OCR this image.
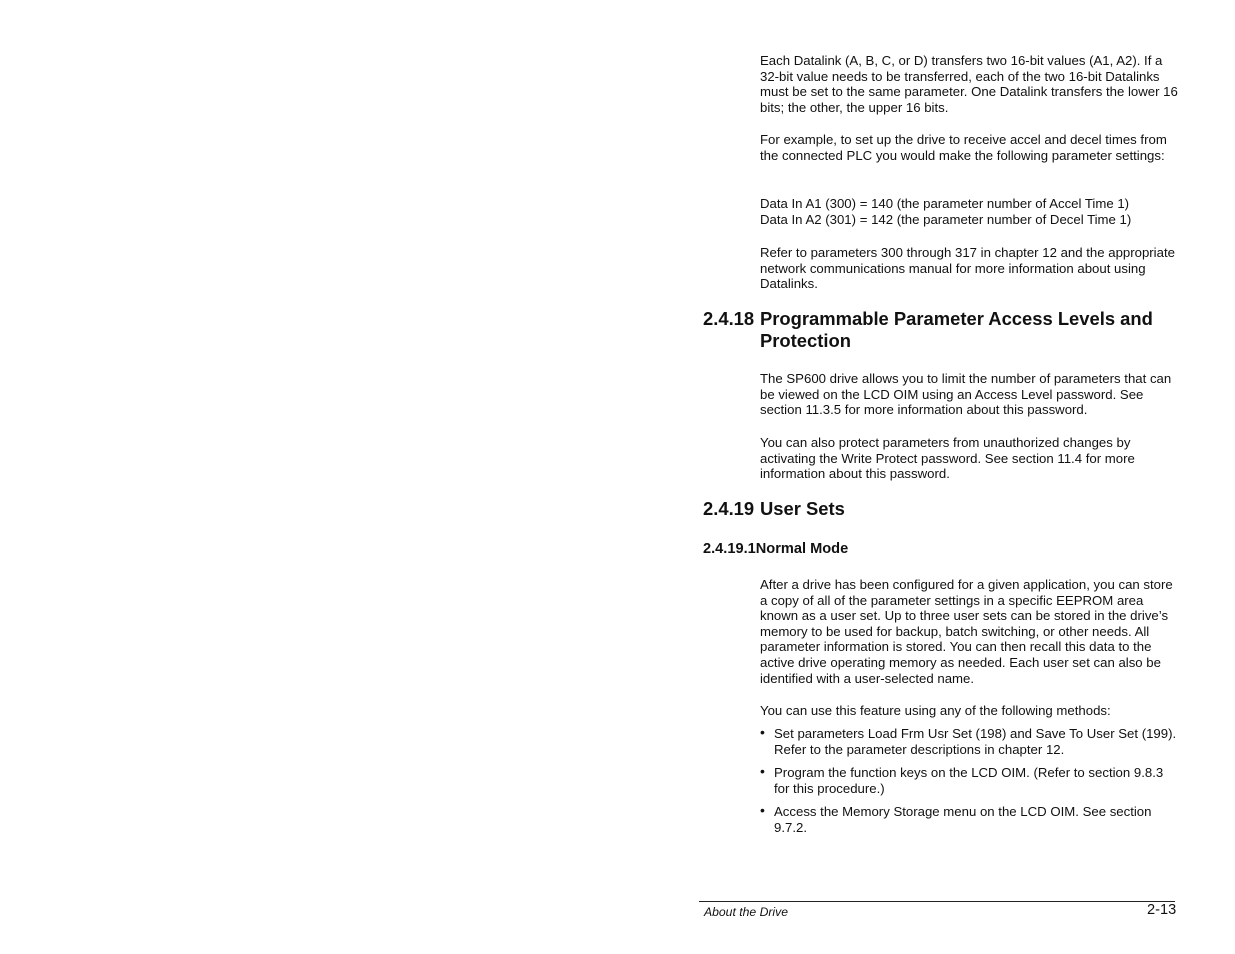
Each Datalink (A, B, C, or D) transfers two 16-bit values (A1, A2). If a 32-bit value needs to be transferred, each of the two 16-bit Datalinks must be set to the same parameter. One Datalink transfers the lower 16 bits; the other, the upper 16 bits.

For example, to set up the drive to receive accel and decel times from the connected PLC you would make the following parameter settings:

Data In A1 (300) = 140 (the parameter number of Accel Time 1)

Data In A2 (301) = 142 (the parameter number of Decel Time 1)

Refer to parameters 300 through 317 in chapter 12 and the appropriate network communications manual for more information about using Datalinks.

2.4.18 Programmable Parameter Access Levels and Protection

The SP600 drive allows you to limit the number of parameters that can be viewed on the LCD OIM using an Access Level password. See section 11.3.5 for more information about this password.

You can also protect parameters from unauthorized changes by activating the Write Protect password. See section 11.4 for more information about this password.

2.4.19 User Sets
2.4.19.1Normal Mode

After a drive has been configured for a given application, you can store a copy of all of the parameter settings in a specific EEPROM area known as a user set. Up to three user sets can be stored in the drive’s memory to be used for backup, batch switching, or other needs. All parameter information is stored. You can then recall this data to the active drive operating memory as needed. Each user set can also be identified with a user-selected name.

You can use this feature using any of the following methods:

• Set parameters Load Frm Usr Set (198) and Save To User Set (199). Refer to the parameter descriptions in chapter 12.
• Program the function keys on the LCD OIM. (Refer to section 9.8.3 for this procedure.)
• Access the Memory Storage menu on the LCD OIM. See section 9.7.2.
About the Drive	2-13
